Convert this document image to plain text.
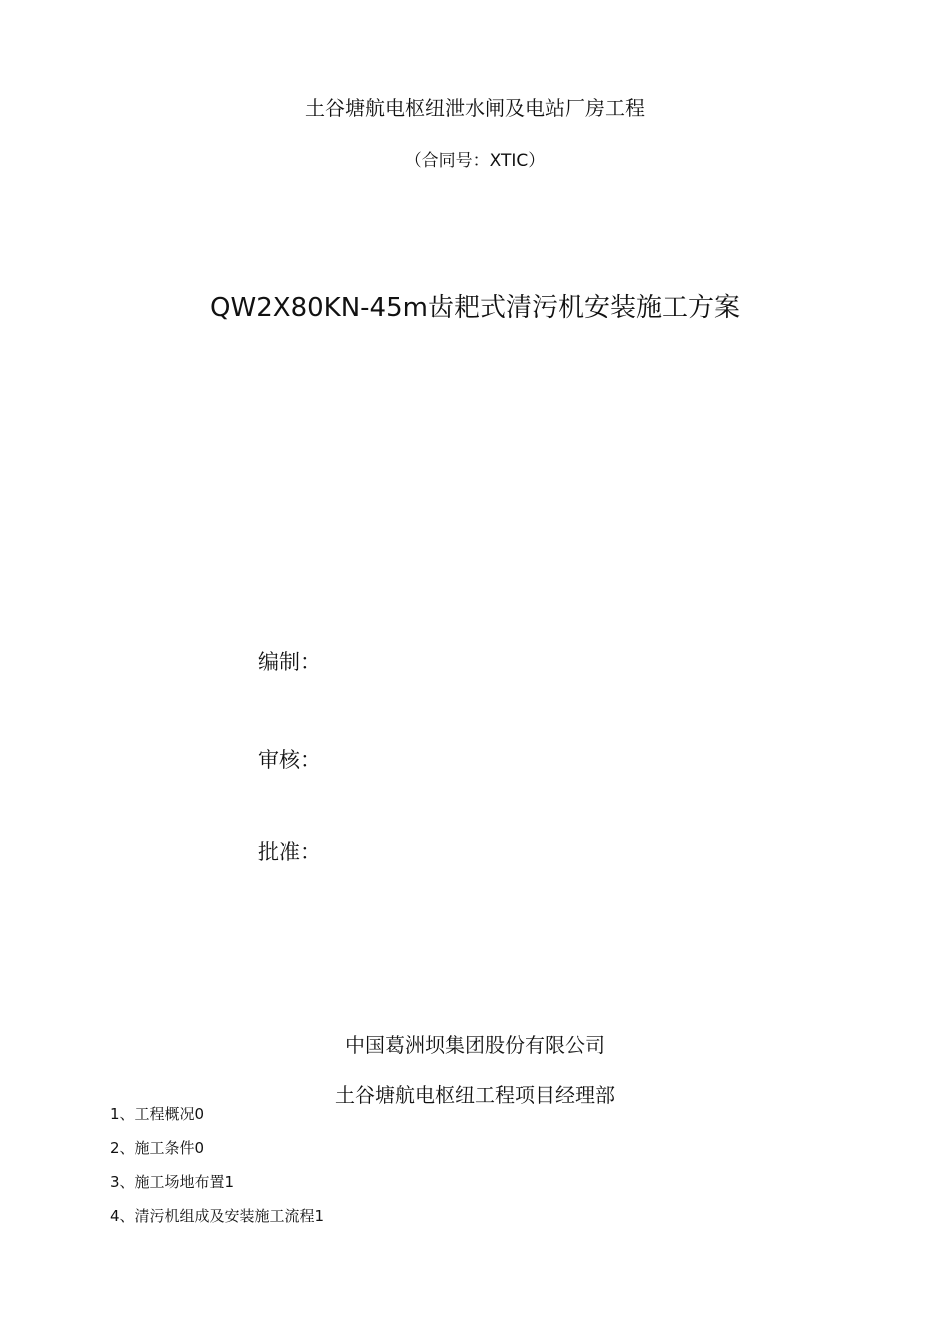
土谷塘航电枢纽泄水闸及电站厂房工程
（合同号：XTIC）
QW2X80KN-45m齿耙式清污机安装施工方案
编制：
审核：
批准：
中国葛洲坝集团股份有限公司
土谷塘航电枢纽工程项目经理部
1、工程概况0
2、施工条件0
3、施工场地布置1
4、清污机组成及安装施工流程1
